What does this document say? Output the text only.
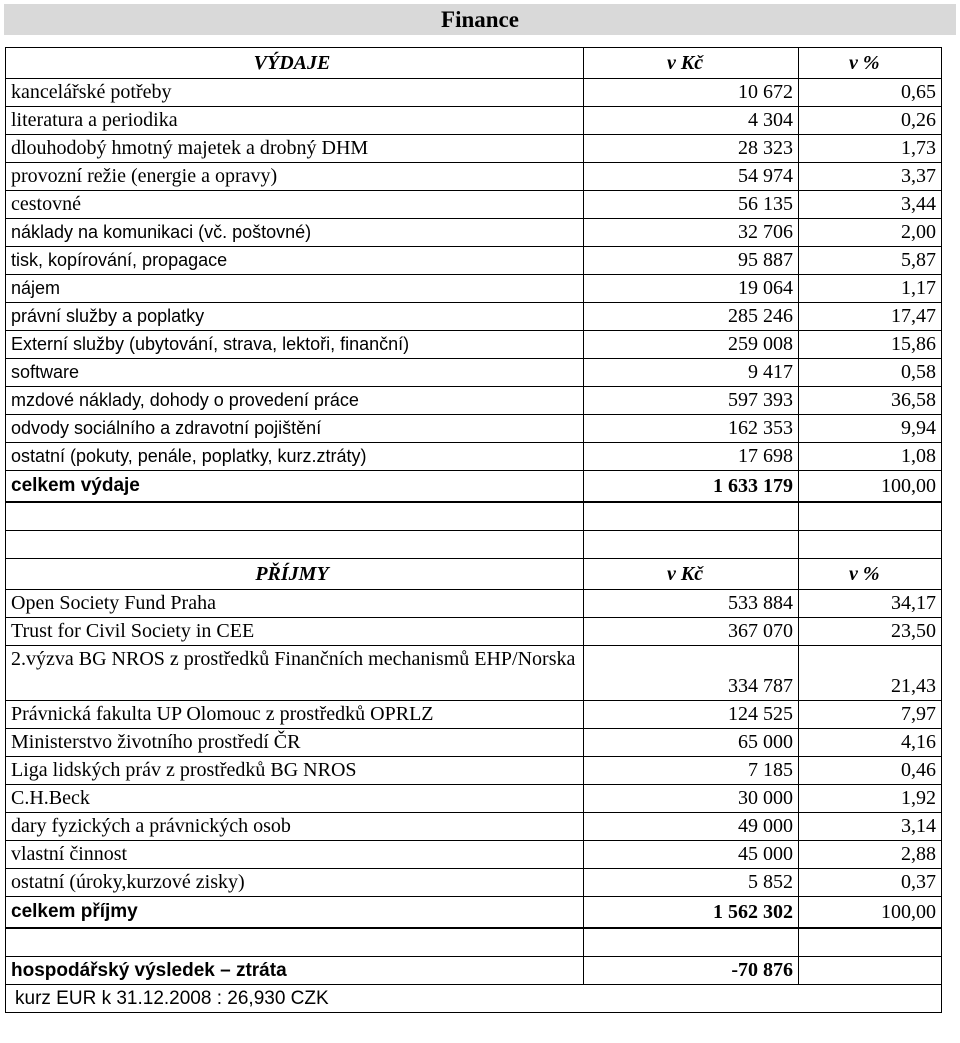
Finance
VÝDAJE	v Kč	v %
kancelářské potřeby	10 672	0,65
literatura a periodika	4 304	0,26
dlouhodobý hmotný majetek a drobný DHM	28 323	1,73
provozní režie (energie a opravy)	54 974	3,37
cestovné	56 135	3,44
náklady na komunikaci (vč. poštovné)	32 706	2,00
tisk, kopírování, propagace	95 887	5,87
nájem	19 064	1,17
právní služby a poplatky	285 246	17,47
Externí služby (ubytování, strava, lektoři, finanční)	259 008	15,86
software	9 417	0,58
mzdové náklady, dohody o provedení práce	597 393	36,58
odvody sociálního a zdravotní pojištění	162 353	9,94
ostatní (pokuty, penále, poplatky, kurz.ztráty)	17 698	1,08
celkem výdaje	1 633 179	100,00

PŘÍJMY	v Kč	v %
Open Society Fund Praha	533 884	34,17
Trust for Civil Society in CEE	367 070	23,50
2.výzva BG NROS z prostředků Finančních mechanismů EHP/Norska	334 787	21,43
Právnická fakulta UP Olomouc z prostředků OPRLZ	124 525	7,97
Ministerstvo životního prostředí ČR	65 000	4,16
Liga lidských práv z prostředků BG NROS	7 185	0,46
C.H.Beck	30 000	1,92
dary fyzických a právnických osob	49 000	3,14
vlastní činnost	45 000	2,88
ostatní (úroky,kurzové zisky)	5 852	0,37
celkem příjmy	1 562 302	100,00

hospodářský výsledek – ztráta	-70 876	
kurz EUR k 31.12.2008 : 26,930 CZK		
